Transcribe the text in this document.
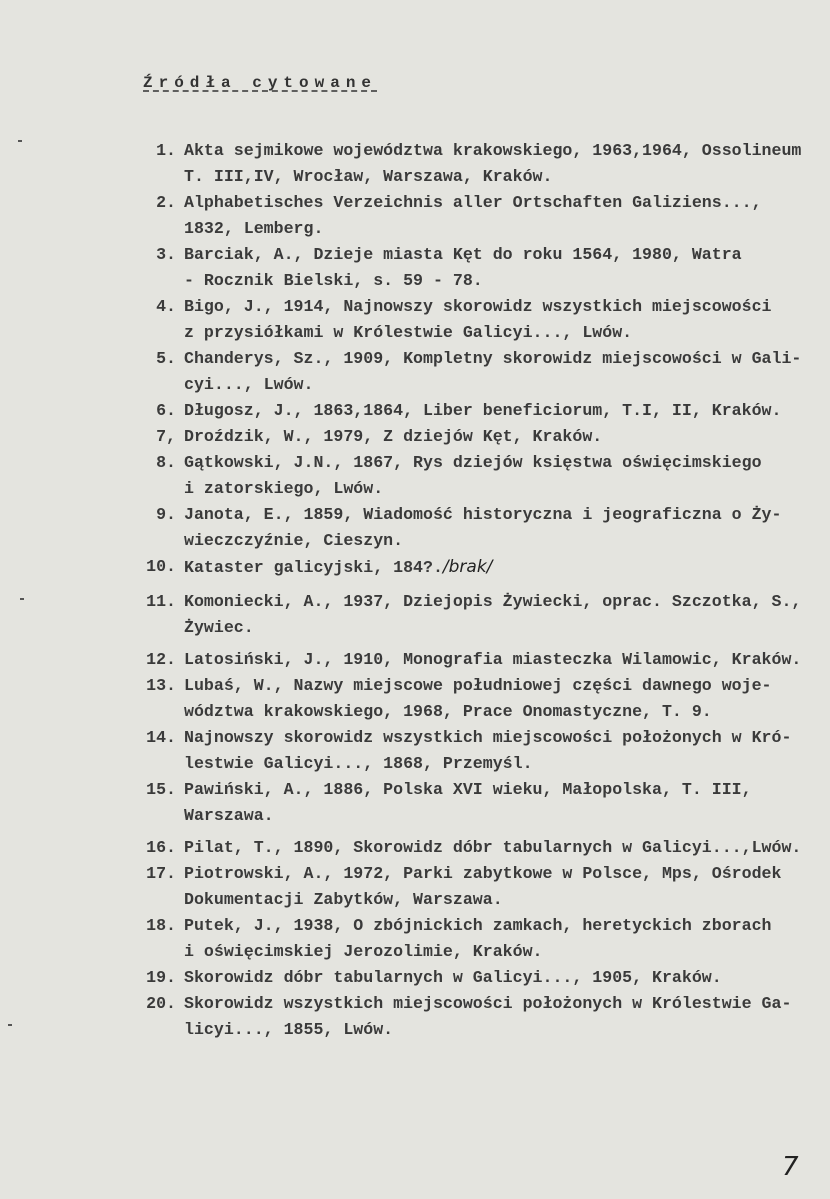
Źródła cytowane
1. Akta sejmikowe województwa krakowskiego, 1963,1964, Ossolineum
T. III,IV, Wrocław, Warszawa, Kraków.
2. Alphabetisches Verzeichnis aller Ortschaften Galiziens...,
1832, Lemberg.
3. Barciak, A., Dzieje miasta Kęt do roku 1564, 1980, Watra
- Rocznik Bielski, s. 59 - 78.
4. Bigo, J., 1914, Najnowszy skorowidz wszystkich miejscowości
z przysiółkami w Królestwie Galicyi..., Lwów.
5. Chanderys, Sz., 1909, Kompletny skorowidz miejscowości w Gali-
cyi..., Lwów.
6. Długosz, J., 1863,1864, Liber beneficiorum, T.I, II, Kraków.
7, Droździk, W., 1979, Z dziejów Kęt, Kraków.
8. Gątkowski, J.N., 1867, Rys dziejów księstwa oświęcimskiego
i zatorskiego, Lwów.
9. Janota, E., 1859, Wiadomość historyczna i jeograficzna o Ży-
wieczczyźnie, Cieszyn.
10. Kataster galicyjski, 184?./brak/
11. Komoniecki, A., 1937, Dziejopis Żywiecki, oprac. Szczotka, S.,
Żywiec.
12. Latosiński, J., 1910, Monografia miasteczka Wilamowic, Kraków.
13. Lubaś, W., Nazwy miejscowe południowej części dawnego woje-
wództwa krakowskiego, 1968, Prace Onomastyczne, T. 9.
14. Najnowszy skorowidz wszystkich miejscowości położonych w Kró-
lestwie Galicyi..., 1868, Przemyśl.
15. Pawiński, A., 1886, Polska XVI wieku, Małopolska, T. III,
Warszawa.
16. Pilat, T., 1890, Skorowidz dóbr tabularnych w Galicyi...,Lwów.
17. Piotrowski, A., 1972, Parki zabytkowe w Polsce, Mps, Ośrodek
Dokumentacji Zabytków, Warszawa.
18. Putek, J., 1938, O zbójnickich zamkach, heretyckich zborach
i oświęcimskiej Jerozolimie, Kraków.
19. Skorowidz dóbr tabularnych w Galicyi..., 1905, Kraków.
20. Skorowidz wszystkich miejscowości położonych w Królestwie Ga-
licyi..., 1855, Lwów.
7
